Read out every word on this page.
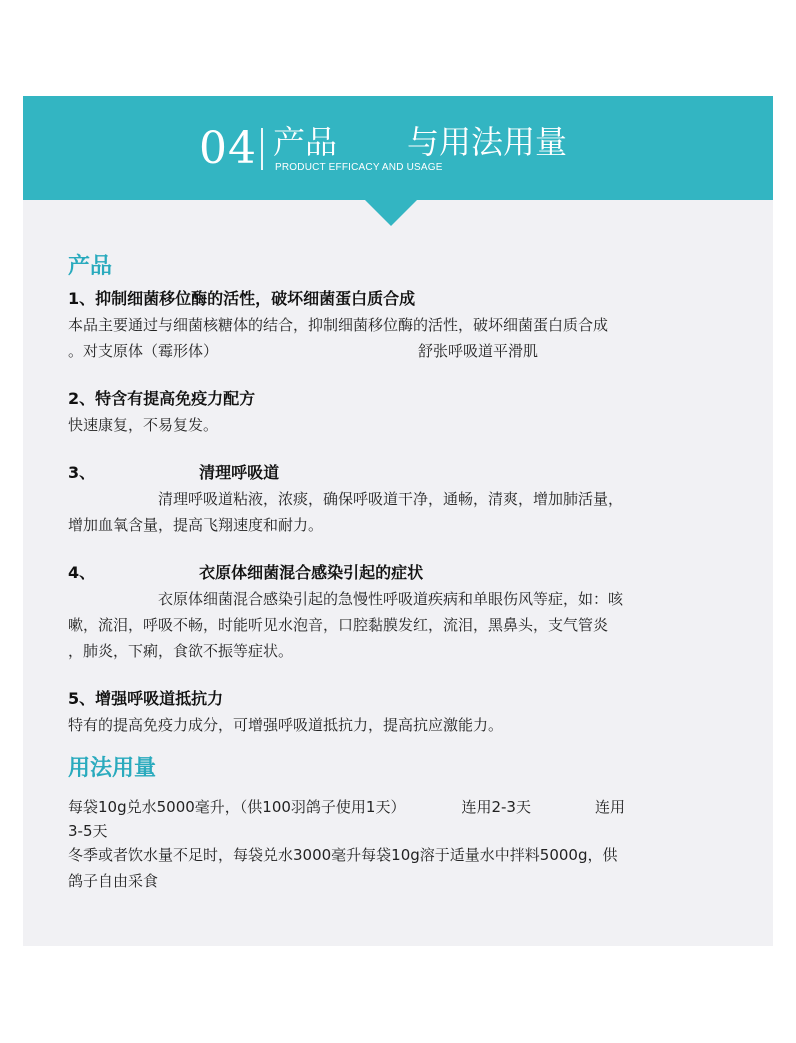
04 产品 与用法用量
PRODUCT EFFICACY AND USAGE
产品
1、抑制细菌移位酶的活性，破坏细菌蛋白质合成
本品主要通过与细菌核糖体的结合，抑制细菌移位酶的活性，破坏细菌蛋白质合成
。对支原体（霉形体）	舒张呼吸道平滑肌
2、特含有提高免疫力配方
快速康复，不易复发。
3、	清理呼吸道
清理呼吸道粘液，浓痰，确保呼吸道干净，通畅，清爽，增加肺活量，
增加血氧含量，提高飞翔速度和耐力。
4、	衣原体细菌混合感染引起的症状
衣原体细菌混合感染引起的急慢性呼吸道疾病和单眼伤风等症，如：咳
嗽，流泪，呼吸不畅，时能听见水泡音，口腔黏膜发红，流泪，黑鼻头，支气管炎
，肺炎，下痢，食欲不振等症状。
5、增强呼吸道抵抗力
特有的提高免疫力成分，可增强呼吸道抵抗力，提高抗应激能力。
用法用量
每袋10g兑水5000毫升，（供100羽鸽子使用1天）	连用2-3天	连用
3-5天
冬季或者饮水量不足时，每袋兑水3000毫升每袋10g溶于适量水中拌料5000g，供
鸽子自由采食
